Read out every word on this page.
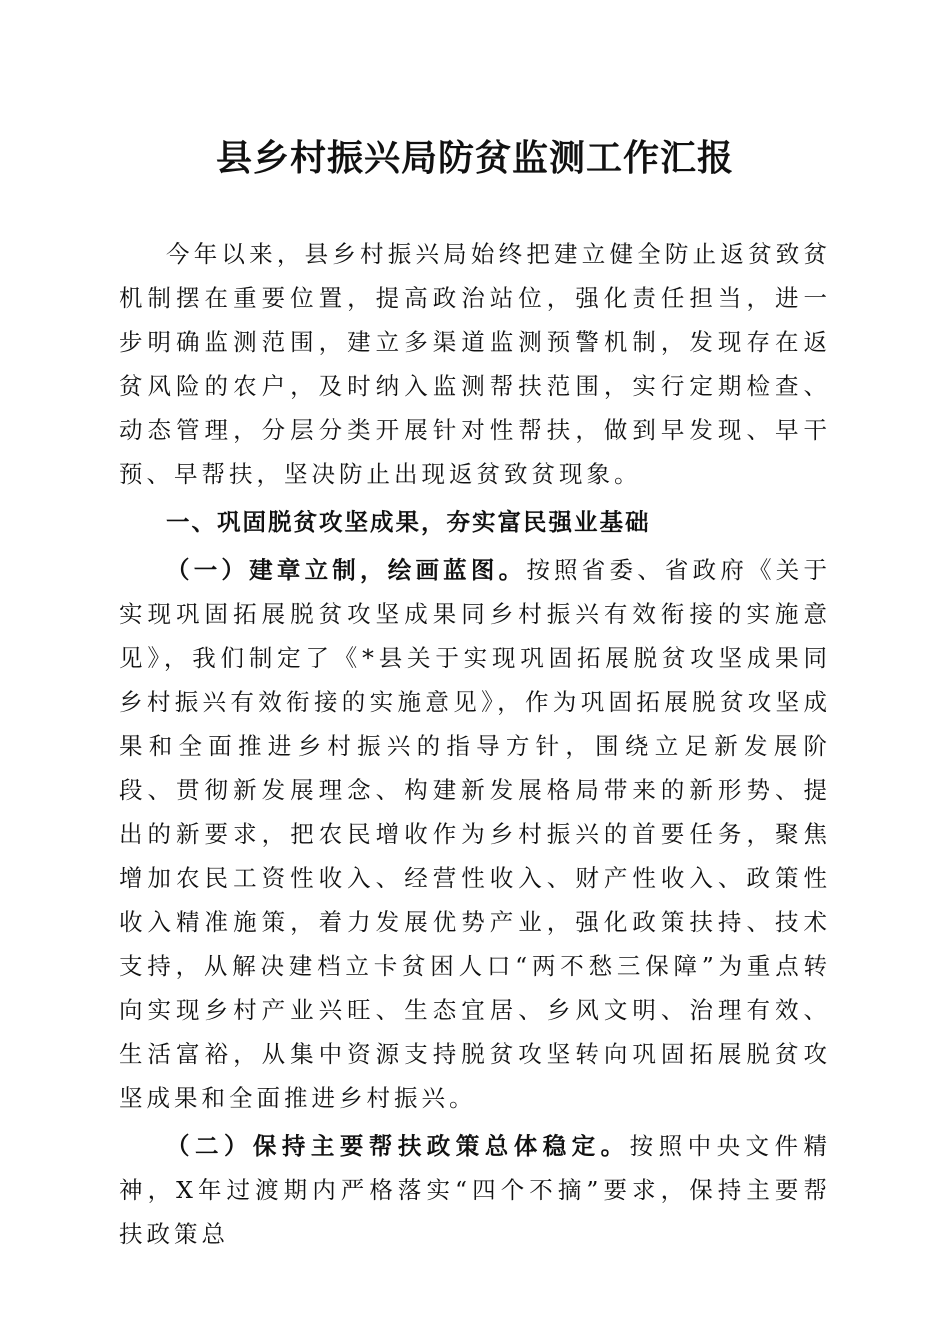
县乡村振兴局防贫监测工作汇报

今年以来，县乡村振兴局始终把建立健全防止返贫致贫机制摆在重要位置，提高政治站位，强化责任担当，进一步明确监测范围，建立多渠道监测预警机制，发现存在返贫风险的农户，及时纳入监测帮扶范围，实行定期检查、动态管理，分层分类开展针对性帮扶，做到早发现、早干预、早帮扶，坚决防止出现返贫致贫现象。

一、巩固脱贫攻坚成果，夯实富民强业基础

（一）建章立制，绘画蓝图。按照省委、省政府《关于实现巩固拓展脱贫攻坚成果同乡村振兴有效衔接的实施意见》，我们制定了《*县关于实现巩固拓展脱贫攻坚成果同乡村振兴有效衔接的实施意见》，作为巩固拓展脱贫攻坚成果和全面推进乡村振兴的指导方针，围绕立足新发展阶段、贯彻新发展理念、构建新发展格局带来的新形势、提出的新要求，把农民增收作为乡村振兴的首要任务，聚焦增加农民工资性收入、经营性收入、财产性收入、政策性收入精准施策，着力发展优势产业，强化政策扶持、技术支持，从解决建档立卡贫困人口“两不愁三保障”为重点转向实现乡村产业兴旺、生态宜居、乡风文明、治理有效、生活富裕，从集中资源支持脱贫攻坚转向巩固拓展脱贫攻坚成果和全面推进乡村振兴。

（二）保持主要帮扶政策总体稳定。按照中央文件精神，X年过渡期内严格落实“四个不摘”要求，保持主要帮扶政策总
